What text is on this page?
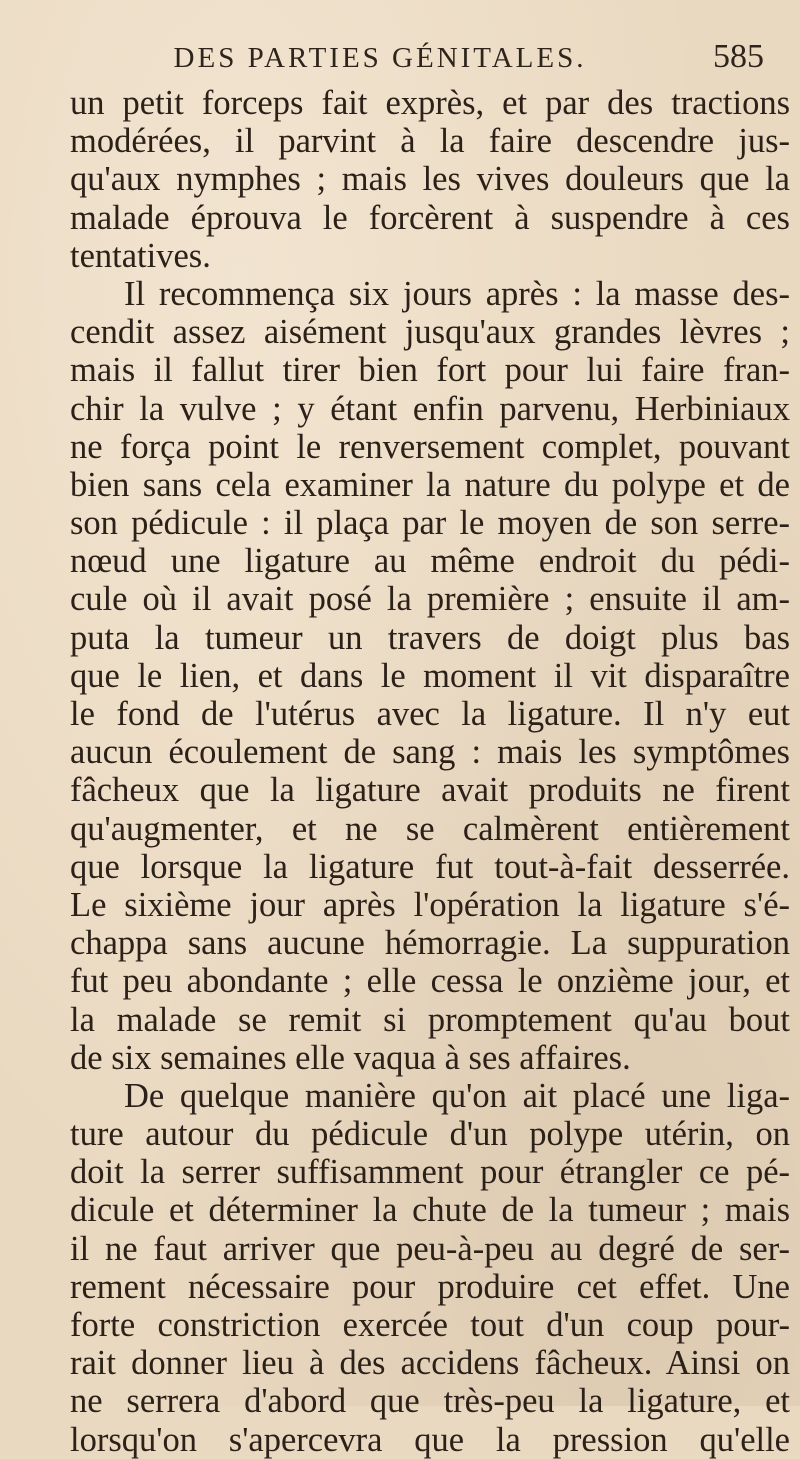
DES PARTIES GÉNITALES.	585
un petit forceps fait exprès, et par des tractions
modérées, il parvint à la faire descendre jus-
qu'aux nymphes ; mais les vives douleurs que la
malade éprouva le forcèrent à suspendre à ces
tentatives.
Il recommença six jours après : la masse des-
cendit assez aisément jusqu'aux grandes lèvres ;
mais il fallut tirer bien fort pour lui faire fran-
chir la vulve ; y étant enfin parvenu, Herbiniaux
ne força point le renversement complet, pouvant
bien sans cela examiner la nature du polype et de
son pédicule : il plaça par le moyen de son serre-
nœud une ligature au même endroit du pédi-
cule où il avait posé la première ; ensuite il am-
puta la tumeur un travers de doigt plus bas
que le lien, et dans le moment il vit disparaître
le fond de l'utérus avec la ligature. Il n'y eut
aucun écoulement de sang : mais les symptômes
fâcheux que la ligature avait produits ne firent
qu'augmenter, et ne se calmèrent entièrement
que lorsque la ligature fut tout-à-fait desserrée.
Le sixième jour après l'opération la ligature s'é-
chappa sans aucune hémorragie. La suppuration
fut peu abondante ; elle cessa le onzième jour, et
la malade se remit si promptement qu'au bout
de six semaines elle vaqua à ses affaires.
De quelque manière qu'on ait placé une liga-
ture autour du pédicule d'un polype utérin, on
doit la serrer suffisamment pour étrangler ce pé-
dicule et déterminer la chute de la tumeur ; mais
il ne faut arriver que peu-à-peu au degré de ser-
rement nécessaire pour produire cet effet. Une
forte constriction exercée tout d'un coup pour-
rait donner lieu à des accidens fâcheux. Ainsi on
ne serrera d'abord que très-peu la ligature, et
lorsqu'on s'apercevra que la pression qu'elle
